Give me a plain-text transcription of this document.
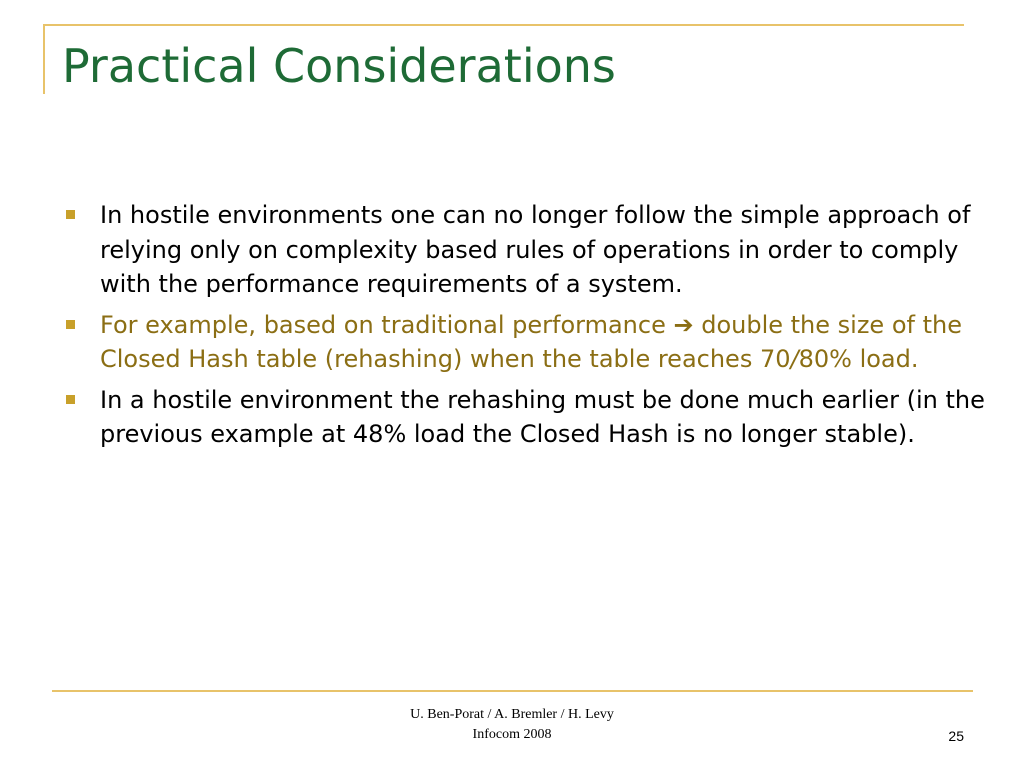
Practical Considerations
In hostile environments one can no longer follow the simple approach of relying only on complexity based rules of operations in order to comply with the performance requirements of a system.
For example, based on traditional performance ➔ double the size of the Closed Hash table (rehashing) when the table reaches 70/80% load.
In a hostile environment the rehashing must be done much earlier (in the previous example at 48% load the Closed Hash is no longer stable).
U. Ben-Porat / A. Bremler / H. Levy
Infocom 2008	25
